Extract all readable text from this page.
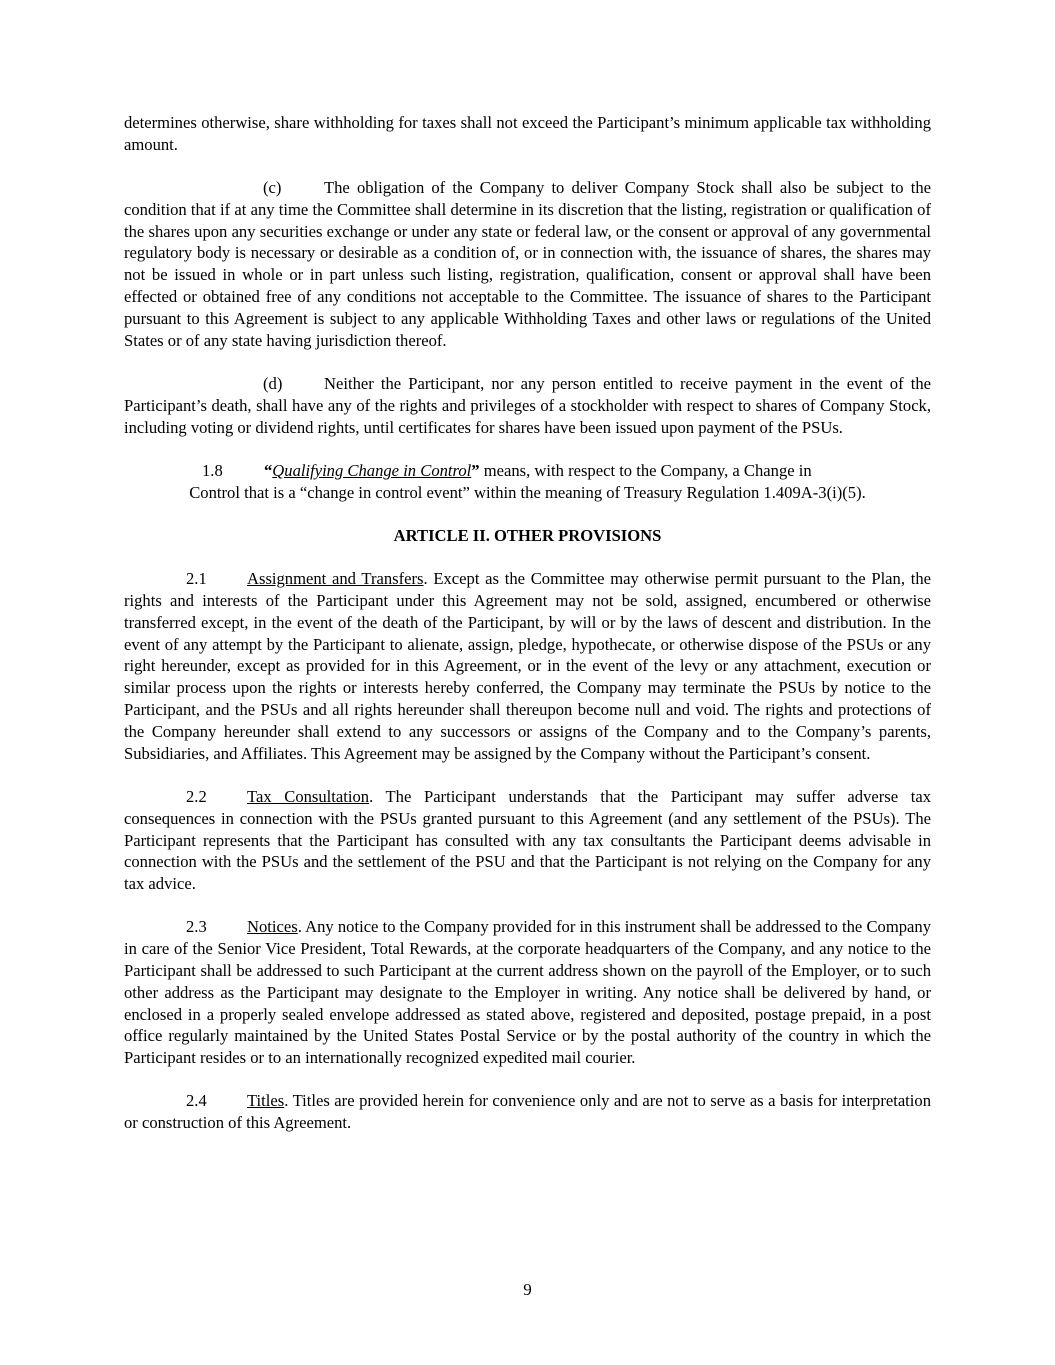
determines otherwise, share withholding for taxes shall not exceed the Participant’s minimum applicable tax withholding amount.

(c)	The obligation of the Company to deliver Company Stock shall also be subject to the condition that if at any time the Committee shall determine in its discretion that the listing, registration or qualification of the shares upon any securities exchange or under any state or federal law, or the consent or approval of any governmental regulatory body is necessary or desirable as a condition of, or in connection with, the issuance of shares, the shares may not be issued in whole or in part unless such listing, registration, qualification, consent or approval shall have been effected or obtained free of any conditions not acceptable to the Committee. The issuance of shares to the Participant pursuant to this Agreement is subject to any applicable Withholding Taxes and other laws or regulations of the United States or of any state having jurisdiction thereof.

(d)	Neither the Participant, nor any person entitled to receive payment in the event of the Participant’s death, shall have any of the rights and privileges of a stockholder with respect to shares of Company Stock, including voting or dividend rights, until certificates for shares have been issued upon payment of the PSUs.

1.8 “Qualifying Change in Control” means, with respect to the Company, a Change in

Control that is a “change in control event” within the meaning of Treasury Regulation 1.409A-3(i)(5).

ARTICLE II. OTHER PROVISIONS

2.1 Assignment and Transfers. Except as the Committee may otherwise permit pursuant to the Plan, the rights and interests of the Participant under this Agreement may not be sold, assigned, encumbered or otherwise transferred except, in the event of the death of the Participant, by will or by the laws of descent and distribution. In the event of any attempt by the Participant to alienate, assign, pledge, hypothecate, or otherwise dispose of the PSUs or any right hereunder, except as provided for in this Agreement, or in the event of the levy or any attachment, execution or similar process upon the rights or interests hereby conferred, the Company may terminate the PSUs by notice to the Participant, and the PSUs and all rights hereunder shall thereupon become null and void. The rights and protections of the Company hereunder shall extend to any successors or assigns of the Company and to the Company’s parents, Subsidiaries, and Affiliates. This Agreement may be assigned by the Company without the Participant’s consent.

2.2 Tax Consultation. The Participant understands that the Participant may suffer adverse tax consequences in connection with the PSUs granted pursuant to this Agreement (and any settlement of the PSUs). The Participant represents that the Participant has consulted with any tax consultants the Participant deems advisable in connection with the PSUs and the settlement of the PSU and that the Participant is not relying on the Company for any tax advice.

2.3 Notices. Any notice to the Company provided for in this instrument shall be addressed to the Company in care of the Senior Vice President, Total Rewards, at the corporate headquarters of the Company, and any notice to the Participant shall be addressed to such Participant at the current address shown on the payroll of the Employer, or to such other address as the Participant may designate to the Employer in writing. Any notice shall be delivered by hand, or enclosed in a properly sealed envelope addressed as stated above, registered and deposited, postage prepaid, in a post office regularly maintained by the United States Postal Service or by the postal authority of the country in which the Participant resides or to an internationally recognized expedited mail courier.

2.4 Titles. Titles are provided herein for convenience only and are not to serve as a basis for interpretation or construction of this Agreement.

9
